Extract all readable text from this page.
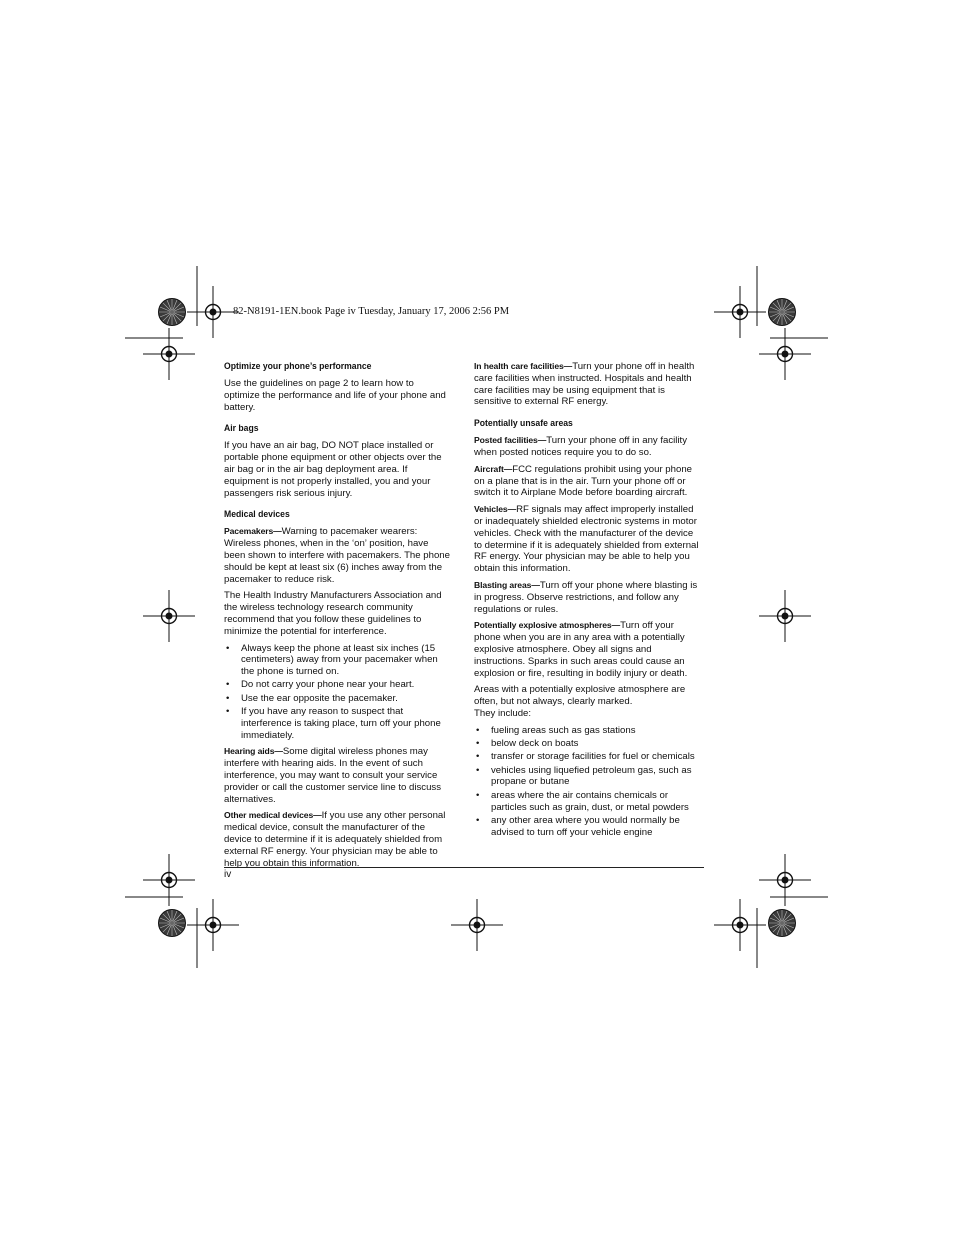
82-N8191-1EN.book Page iv Tuesday, January 17, 2006 2:56 PM
Optimize your phone’s performance

Use the guidelines on page 2 to learn how to optimize the performance and life of your phone and battery.

Air bags

If you have an air bag, DO NOT place installed or portable phone equipment or other objects over the air bag or in the air bag deployment area. If equipment is not properly installed, you and your passengers risk serious injury.

Medical devices

Pacemakers—Warning to pacemaker wearers: Wireless phones, when in the ‘on’ position, have been shown to interfere with pacemakers. The phone should be kept at least six (6) inches away from the pacemaker to reduce risk.

The Health Industry Manufacturers Association and the wireless technology research community recommend that you follow these guidelines to minimize the potential for interference.

• Always keep the phone at least six inches (15 centimeters) away from your pacemaker when the phone is turned on.
• Do not carry your phone near your heart.
• Use the ear opposite the pacemaker.
• If you have any reason to suspect that interference is taking place, turn off your phone immediately.

Hearing aids—Some digital wireless phones may interfere with hearing aids. In the event of such interference, you may want to consult your service provider or call the customer service line to discuss alternatives.

Other medical devices—If you use any other personal medical device, consult the manufacturer of the device to determine if it is adequately shielded from external RF energy. Your physician may be able to help you obtain this information.

In health care facilities—Turn your phone off in health care facilities when instructed. Hospitals and health care facilities may be using equipment that is sensitive to external RF energy.

Potentially unsafe areas

Posted facilities—Turn your phone off in any facility when posted notices require you to do so.

Aircraft—FCC regulations prohibit using your phone on a plane that is in the air. Turn your phone off or switch it to Airplane Mode before boarding aircraft.

Vehicles—RF signals may affect improperly installed or inadequately shielded electronic systems in motor vehicles. Check with the manufacturer of the device to determine if it is adequately shielded from external RF energy. Your physician may be able to help you obtain this information.

Blasting areas—Turn off your phone where blasting is in progress. Observe restrictions, and follow any regulations or rules.

Potentially explosive atmospheres—Turn off your phone when you are in any area with a potentially explosive atmosphere. Obey all signs and instructions. Sparks in such areas could cause an explosion or fire, resulting in bodily injury or death.

Areas with a potentially explosive atmosphere are often, but not always, clearly marked.

They include:

• fueling areas such as gas stations
• below deck on boats
• transfer or storage facilities for fuel or chemicals
• vehicles using liquefied petroleum gas, such as propane or butane
• areas where the air contains chemicals or particles such as grain, dust, or metal powders
• any other area where you would normally be advised to turn off your vehicle engine
iv
